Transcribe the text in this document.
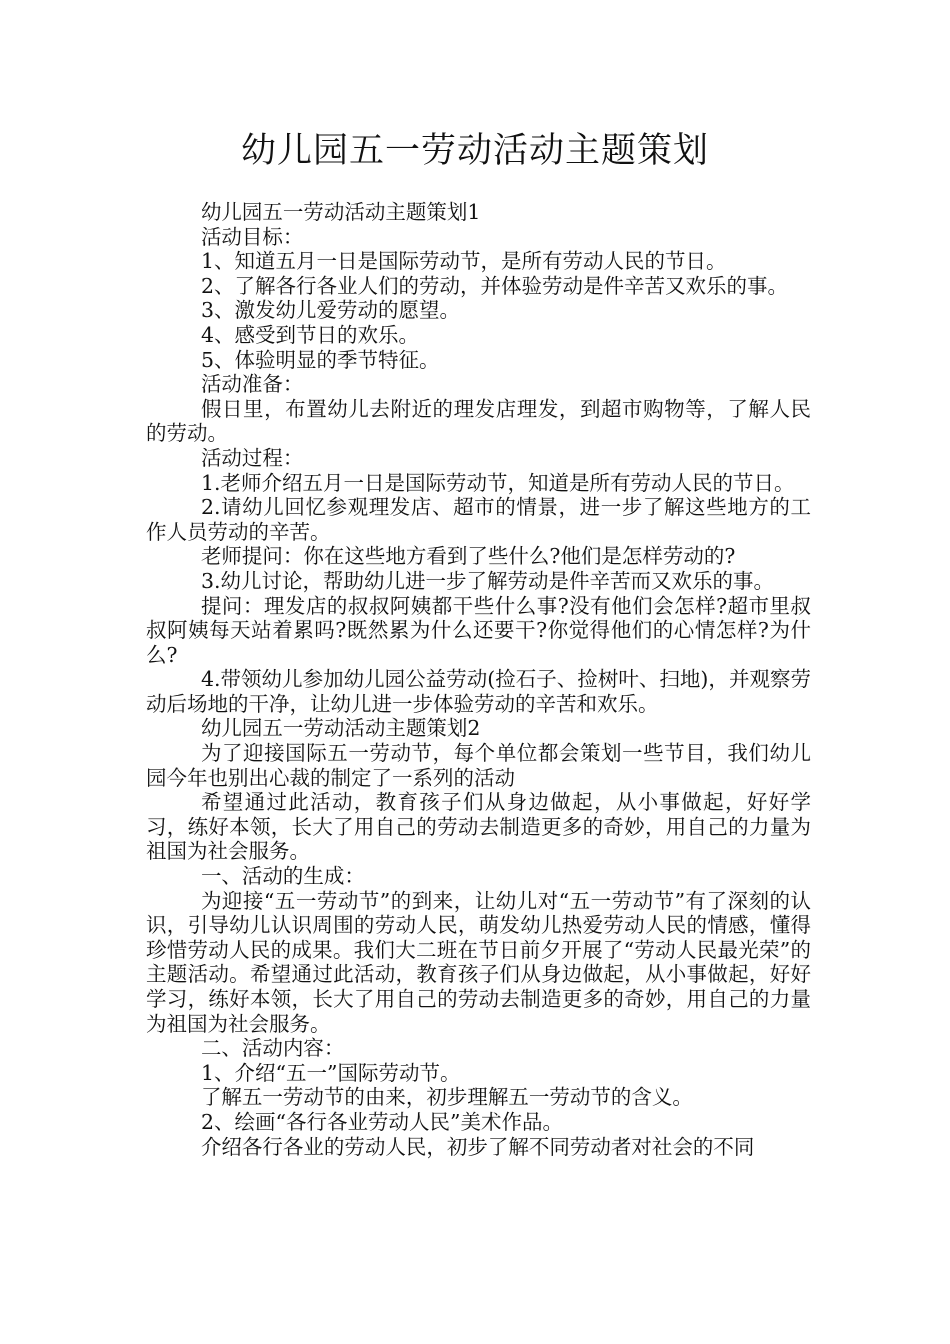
幼儿园五一劳动活动主题策划

幼儿园五一劳动活动主题策划1

活动目标：

1、知道五月一日是国际劳动节，是所有劳动人民的节日。

2、了解各行各业人们的劳动，并体验劳动是件辛苦又欢乐的事。

3、激发幼儿爱劳动的愿望。

4、感受到节日的欢乐。

5、体验明显的季节特征。

活动准备：

假日里，布置幼儿去附近的理发店理发，到超市购物等，了解人民的劳动。

活动过程：

1.老师介绍五月一日是国际劳动节，知道是所有劳动人民的节日。

2.请幼儿回忆参观理发店、超市的情景，进一步了解这些地方的工作人员劳动的辛苦。

老师提问：你在这些地方看到了些什么?他们是怎样劳动的?

3.幼儿讨论，帮助幼儿进一步了解劳动是件辛苦而又欢乐的事。

提问：理发店的叔叔阿姨都干些什么事?没有他们会怎样?超市里叔叔阿姨每天站着累吗?既然累为什么还要干?你觉得他们的心情怎样?为什么?

4.带领幼儿参加幼儿园公益劳动(捡石子、捡树叶、扫地)，并观察劳动后场地的干净，让幼儿进一步体验劳动的辛苦和欢乐。

幼儿园五一劳动活动主题策划2

为了迎接国际五一劳动节，每个单位都会策划一些节目，我们幼儿园今年也别出心裁的制定了一系列的活动

希望通过此活动，教育孩子们从身边做起，从小事做起，好好学习，练好本领，长大了用自己的劳动去制造更多的奇妙，用自己的力量为祖国为社会服务。

一、活动的生成：

为迎接“五一劳动节”的到来，让幼儿对“五一劳动节”有了深刻的认识，引导幼儿认识周围的劳动人民，萌发幼儿热爱劳动人民的情感，懂得珍惜劳动人民的成果。我们大二班在节日前夕开展了“劳动人民最光荣”的主题活动。希望通过此活动，教育孩子们从身边做起，从小事做起，好好学习，练好本领，长大了用自己的劳动去制造更多的奇妙，用自己的力量为祖国为社会服务。

二、活动内容：

1、介绍“五一”国际劳动节。

了解五一劳动节的由来，初步理解五一劳动节的含义。

2、绘画“各行各业劳动人民”美术作品。

介绍各行各业的劳动人民，初步了解不同劳动者对社会的不同
